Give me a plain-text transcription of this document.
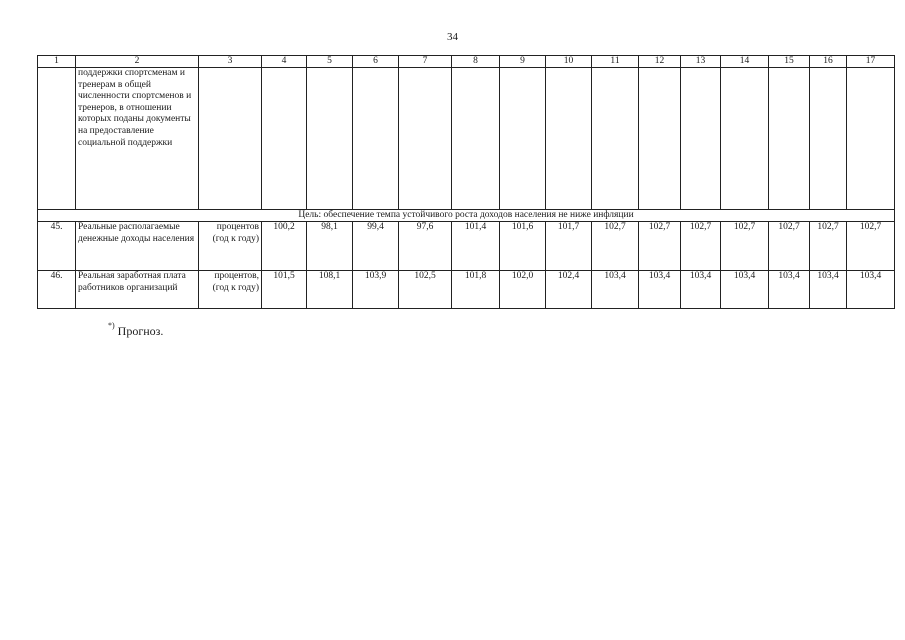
34
1	2	3	4	5	6	7	8	9	10	11	12	13	14	15	16	17
	поддержки спортсменам и тренерам в общей численности спортсменов и тренеров, в отношении которых поданы документы на предоставление социальной поддержки															
Цель: обеспечение темпа устойчивого роста доходов населения не ниже инфляции																
45.	Реальные располагаемые денежные доходы населения	процентов (год к году)	100,2	98,1	99,4	97,6	101,4	101,6	101,7	102,7	102,7	102,7	102,7	102,7	102,7	102,7
46.	Реальная заработная плата работников организаций	процентов, (год к году)	101,5	108,1	103,9	102,5	101,8	102,0	102,4	103,4	103,4	103,4	103,4	103,4	103,4	103,4
*) Прогноз.
